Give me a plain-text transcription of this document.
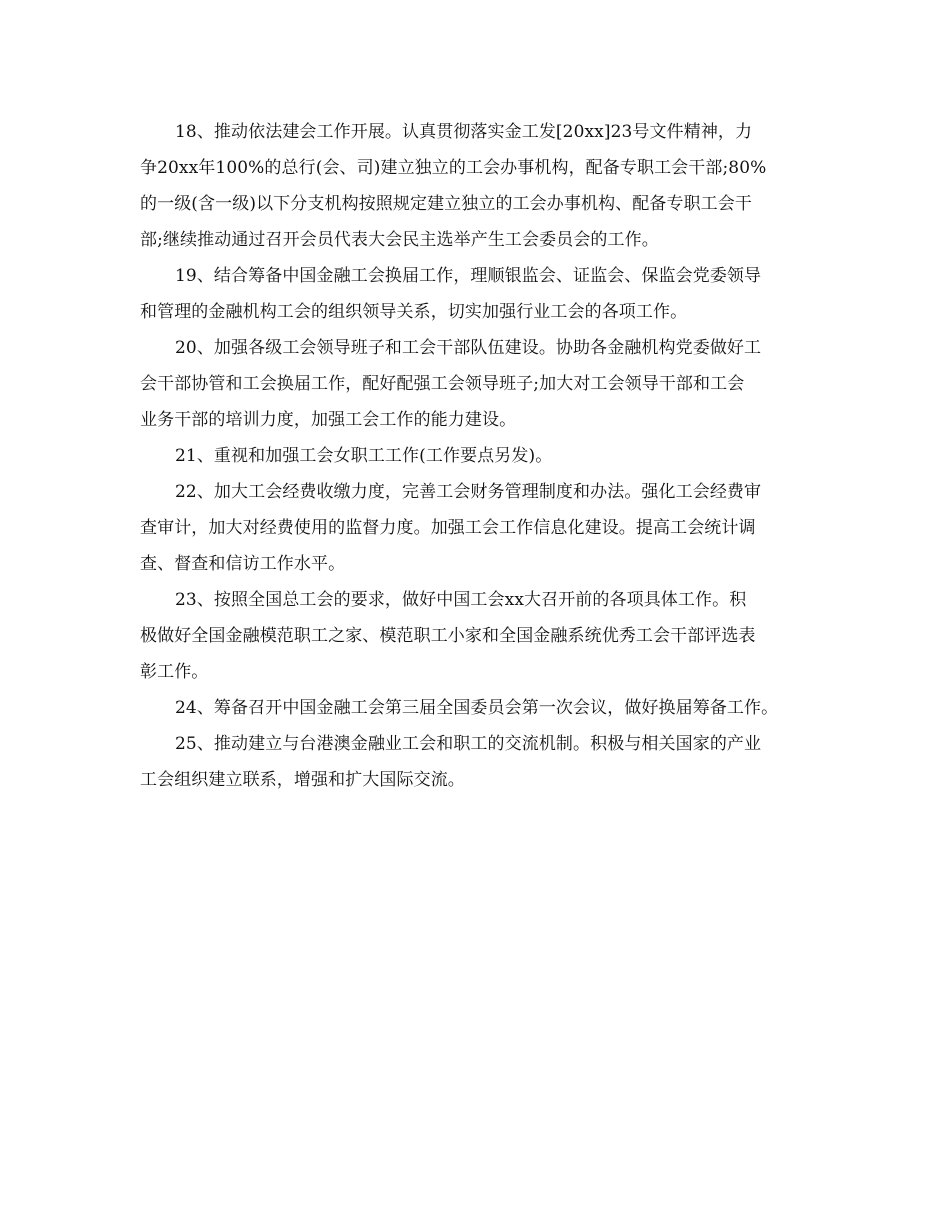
18、推动依法建会工作开展。认真贯彻落实金工发[20xx]23号文件精神，力
争20xx年100%的总行(会、司)建立独立的工会办事机构，配备专职工会干部;80%
的一级(含一级)以下分支机构按照规定建立独立的工会办事机构、配备专职工会干
部;继续推动通过召开会员代表大会民主选举产生工会委员会的工作。
19、结合筹备中国金融工会换届工作，理顺银监会、证监会、保监会党委领导
和管理的金融机构工会的组织领导关系，切实加强行业工会的各项工作。
20、加强各级工会领导班子和工会干部队伍建设。协助各金融机构党委做好工
会干部协管和工会换届工作，配好配强工会领导班子;加大对工会领导干部和工会
业务干部的培训力度，加强工会工作的能力建设。
21、重视和加强工会女职工工作(工作要点另发)。
22、加大工会经费收缴力度，完善工会财务管理制度和办法。强化工会经费审
查审计，加大对经费使用的监督力度。加强工会工作信息化建设。提高工会统计调
查、督查和信访工作水平。
23、按照全国总工会的要求，做好中国工会xx大召开前的各项具体工作。积
极做好全国金融模范职工之家、模范职工小家和全国金融系统优秀工会干部评选表
彰工作。
24、筹备召开中国金融工会第三届全国委员会第一次会议，做好换届筹备工作。
25、推动建立与台港澳金融业工会和职工的交流机制。积极与相关国家的产业
工会组织建立联系，增强和扩大国际交流。
